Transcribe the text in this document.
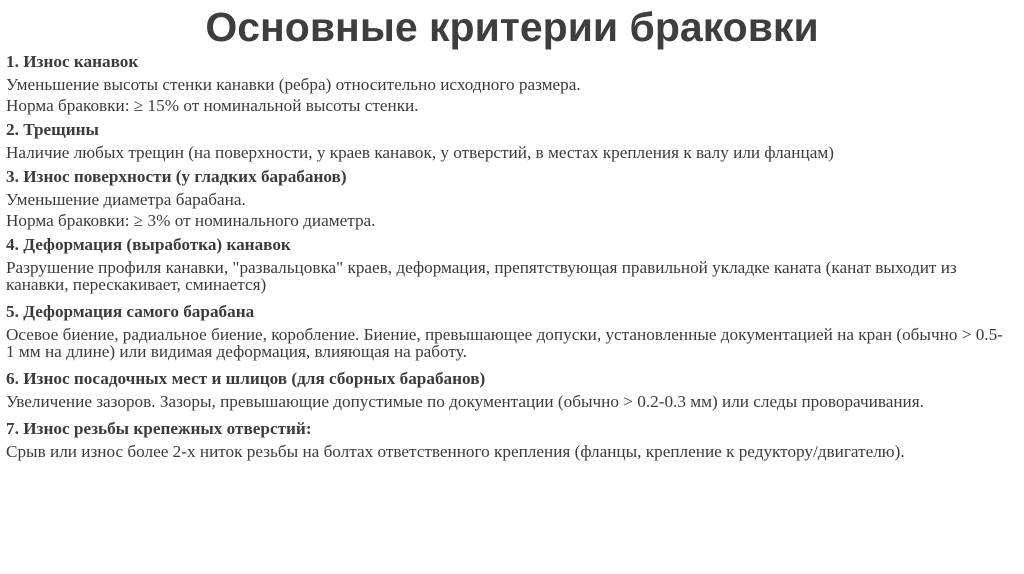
Основные критерии браковки

1. Износ канавок

Уменьшение высоты стенки канавки (ребра) относительно исходного размера.

Норма браковки: ≥ 15% от номинальной высоты стенки.

2. Трещины

Наличие любых трещин (на поверхности, у краев канавок, у отверстий, в местах крепления к валу или фланцам)

3. Износ поверхности (у гладких барабанов)

Уменьшение диаметра барабана.

Норма браковки: ≥ 3% от номинального диаметра.

4. Деформация (выработка) канавок

Разрушение профиля канавки, "развальцовка" краев, деформация, препятствующая правильной укладке каната (канат выходит из канавки, перескакивает, сминается)

5. Деформация самого барабана

Осевое биение, радиальное биение, коробление. Биение, превышающее допуски, установленные документацией на кран (обычно > 0.5-1 мм на длине) или видимая деформация, влияющая на работу.

6. Износ посадочных мест и шлицов (для сборных барабанов)

Увеличение зазоров. Зазоры, превышающие допустимые по документации (обычно > 0.2-0.3 мм) или следы проворачивания.

7. Износ резьбы крепежных отверстий:

Срыв или износ более 2-х ниток резьбы на болтах ответственного крепления (фланцы, крепление к редуктору/двигателю).
